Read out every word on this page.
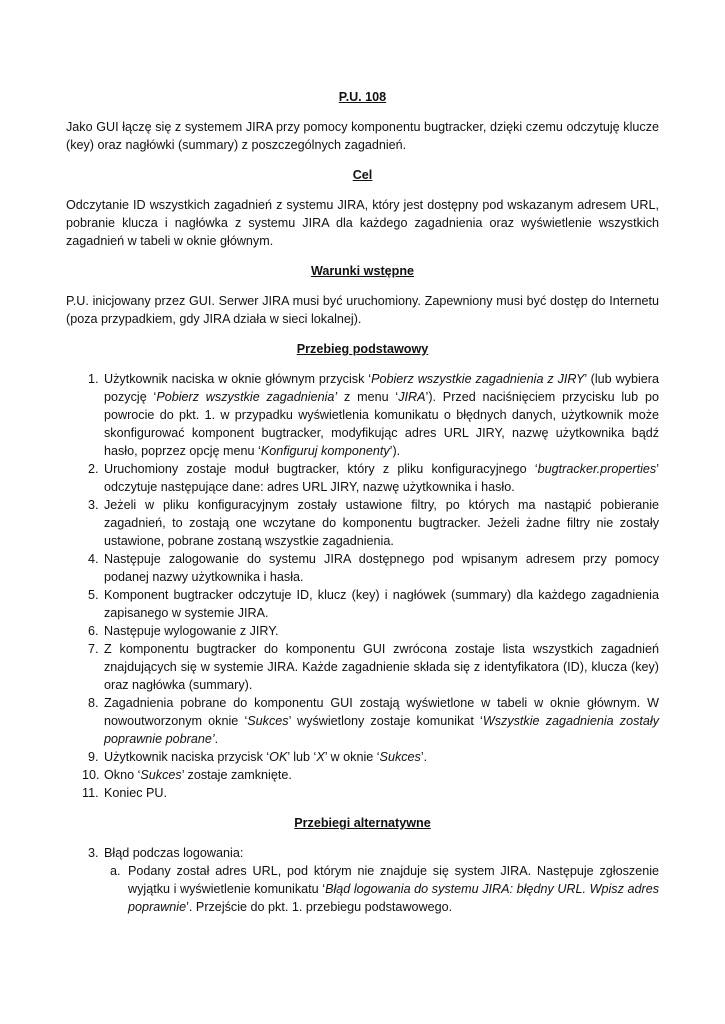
P.U. 108

Jako GUI łączę się z systemem JIRA przy pomocy komponentu bugtracker, dzięki czemu odczytuję klucze (key) oraz nagłówki (summary) z poszczególnych zagadnień.

Cel

Odczytanie ID wszystkich zagadnień z systemu JIRA, który jest dostępny pod wskazanym adresem URL, pobranie klucza i nagłówka z systemu JIRA dla każdego zagadnienia oraz wyświetlenie wszystkich zagadnień w tabeli w oknie głównym.

Warunki wstępne

P.U. inicjowany przez GUI. Serwer JIRA musi być uruchomiony. Zapewniony musi być dostęp do Internetu (poza przypadkiem, gdy JIRA działa w sieci lokalnej).

Przebieg podstawowy
1. Użytkownik naciska w oknie głównym przycisk ‘Pobierz wszystkie zagadnienia z JIRY’ (lub wybiera pozycję ‘Pobierz wszystkie zagadnienia’ z menu ‘JIRA’). Przed naciśnięciem przycisku lub po powrocie do pkt. 1. w przypadku wyświetlenia komunikatu o błędnych danych, użytkownik może skonfigurować komponent bugtracker, modyfikując adres URL JIRY, nazwę użytkownika bądź hasło, poprzez opcję menu ‘Konfiguruj komponenty’).
2. Uruchomiony zostaje moduł bugtracker, który z pliku konfiguracyjnego ‘bugtracker.properties’ odczytuje następujące dane: adres URL JIRY, nazwę użytkownika i hasło.
3. Jeżeli w pliku konfiguracyjnym zostały ustawione filtry, po których ma nastąpić pobieranie zagadnień, to zostają one wczytane do komponentu bugtracker. Jeżeli żadne filtry nie zostały ustawione, pobrane zostaną wszystkie zagadnienia.
4. Następuje zalogowanie do systemu JIRA dostępnego pod wpisanym adresem przy pomocy podanej nazwy użytkownika i hasła.
5. Komponent bugtracker odczytuje ID, klucz (key) i nagłówek (summary) dla każdego zagadnienia zapisanego w systemie JIRA.
6. Następuje wylogowanie z JIRY.
7. Z komponentu bugtracker do komponentu GUI zwrócona zostaje lista wszystkich zagadnień znajdujących się w systemie JIRA. Każde zagadnienie składa się z identyfikatora (ID), klucza (key) oraz nagłówka (summary).
8. Zagadnienia pobrane do komponentu GUI zostają wyświetlone w tabeli w oknie głównym. W nowoutworzonym oknie ‘Sukces’ wyświetlony zostaje komunikat ‘Wszystkie zagadnienia zostały poprawnie pobrane’.
9. Użytkownik naciska przycisk ‘OK’ lub ‘X’ w oknie ‘Sukces’.
10. Okno ‘Sukces’ zostaje zamknięte.
11. Koniec PU.
Przebiegi alternatywne
3. Błąd podczas logowania:
a. Podany został adres URL, pod którym nie znajduje się system JIRA. Następuje zgłoszenie wyjątku i wyświetlenie komunikatu ‘Błąd logowania do systemu JIRA: błędny URL. Wpisz adres poprawnie’. Przejście do pkt. 1. przebiegu podstawowego.
